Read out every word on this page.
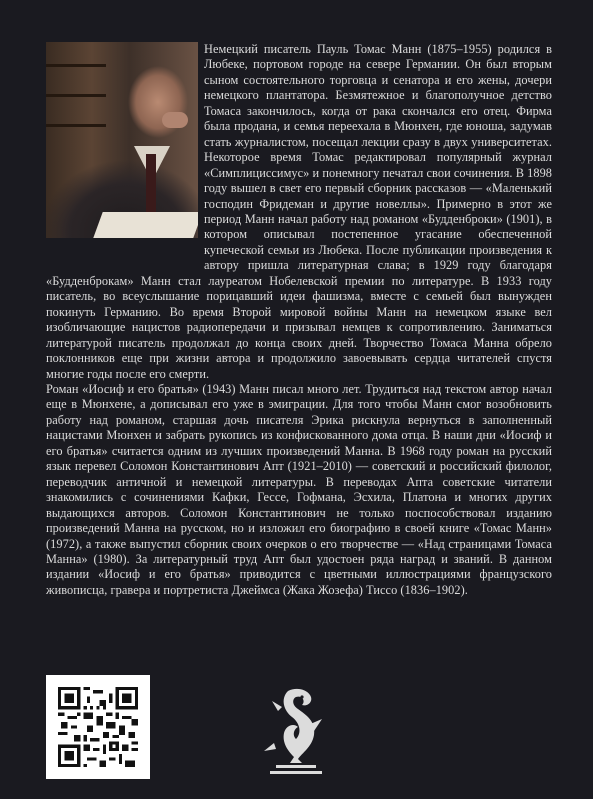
Немецкий писатель Пауль Томас Манн (1875–1955) родился в Любеке, портовом городе на севере Германии. Он был вторым сыном состоятельного торговца и сенатора и его жены, дочери немецкого плантатора. Безмятежное и благополучное детство Томаса закончилось, когда от рака скончался его отец. Фирма была продана, и семья переехала в Мюнхен, где юноша, задумав стать журналистом, посещал лекции сразу в двух университетах. Некоторое время Томас редактировал популярный журнал «Симплициссимус» и понемногу печатал свои сочинения. В 1898 году вышел в свет его первый сборник рассказов — «Маленький господин Фридеман и другие новеллы». Примерно в этот же период Манн начал работу над романом «Будденброки» (1901), в котором описывал постепенное угасание обеспеченной купеческой семьи из Любека. После публикации произведения к автору пришла литературная слава; в 1929 году благодаря «Будденброкам» Манн стал лауреатом Нобелевской премии по литературе. В 1933 году писатель, во всеуслышание порицавший идеи фашизма, вместе с семьей был вынужден покинуть Германию. Во время Второй мировой войны Манн на немецком языке вел изобличающие нацистов радиопередачи и призывал немцев к сопротивлению. Заниматься литературой писатель продолжал до конца своих дней. Творчество Томаса Манна обрело поклонников еще при жизни автора и продолжило завоевывать сердца читателей спустя многие годы после его смерти.

Роман «Иосиф и его братья» (1943) Манн писал много лет. Трудиться над текстом автор начал еще в Мюнхене, а дописывал его уже в эмиграции. Для того чтобы Манн смог возобновить работу над романом, старшая дочь писателя Эрика рискнула вернуться в заполненный нацистами Мюнхен и забрать рукопись из конфискованного дома отца. В наши дни «Иосиф и его братья» считается одним из лучших произведений Манна. В 1968 году роман на русский язык перевел Соломон Константинович Апт (1921–2010) — советский и российский филолог, переводчик античной и немецкой литературы. В переводах Апта советские читатели знакомились с сочинениями Кафки, Гессе, Гофмана, Эсхила, Платона и многих других выдающихся авторов. Соломон Константинович не только поспособствовал изданию произведений Манна на русском, но и изложил его биографию в своей книге «Томас Манн» (1972), а также выпустил сборник своих очерков о его творчестве — «Над страницами Томаса Манна» (1980). За литературный труд Апт был удостоен ряда наград и званий. В данном издании «Иосиф и его братья» приводится с цветными иллюстрациями французского живописца, гравера и портретиста Джеймса (Жака Жозефа) Тиссо (1836–1902).
